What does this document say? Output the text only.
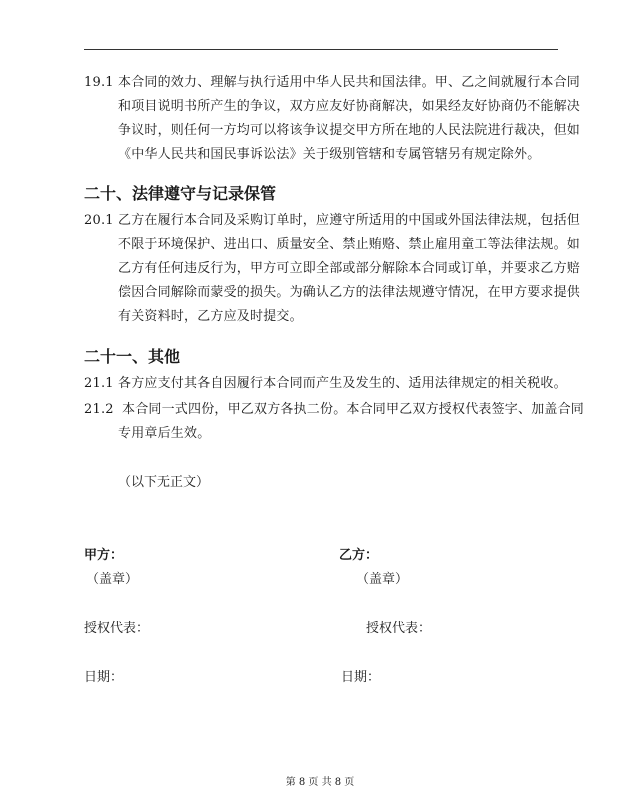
19.1 本合同的效力、理解与执行适用中华人民共和国法律。甲、乙之间就履行本合同
和项目说明书所产生的争议，双方应友好协商解决，如果经友好协商仍不能解决
争议时，则任何一方均可以将该争议提交甲方所在地的人民法院进行裁决，但如
《中华人民共和国民事诉讼法》关于级别管辖和专属管辖另有规定除外。
二十、法律遵守与记录保管
20.1 乙方在履行本合同及采购订单时，应遵守所适用的中国或外国法律法规，包括但
不限于环境保护、进出口、质量安全、禁止贿赂、禁止雇用童工等法律法规。如
乙方有任何违反行为，甲方可立即全部或部分解除本合同或订单，并要求乙方赔
偿因合同解除而蒙受的损失。为确认乙方的法律法规遵守情况，在甲方要求提供
有关资料时，乙方应及时提交。
二十一、其他
21.1 各方应支付其各自因履行本合同而产生及发生的、适用法律规定的相关税收。
21.2 本合同一式四份，甲乙双方各执二份。本合同甲乙双方授权代表签字、加盖合同
专用章后生效。
（以下无正文）
甲方：
（盖章）
授权代表：
日期：
乙方：
（盖章）
授权代表：
日期：
第 8 页 共 8 页
